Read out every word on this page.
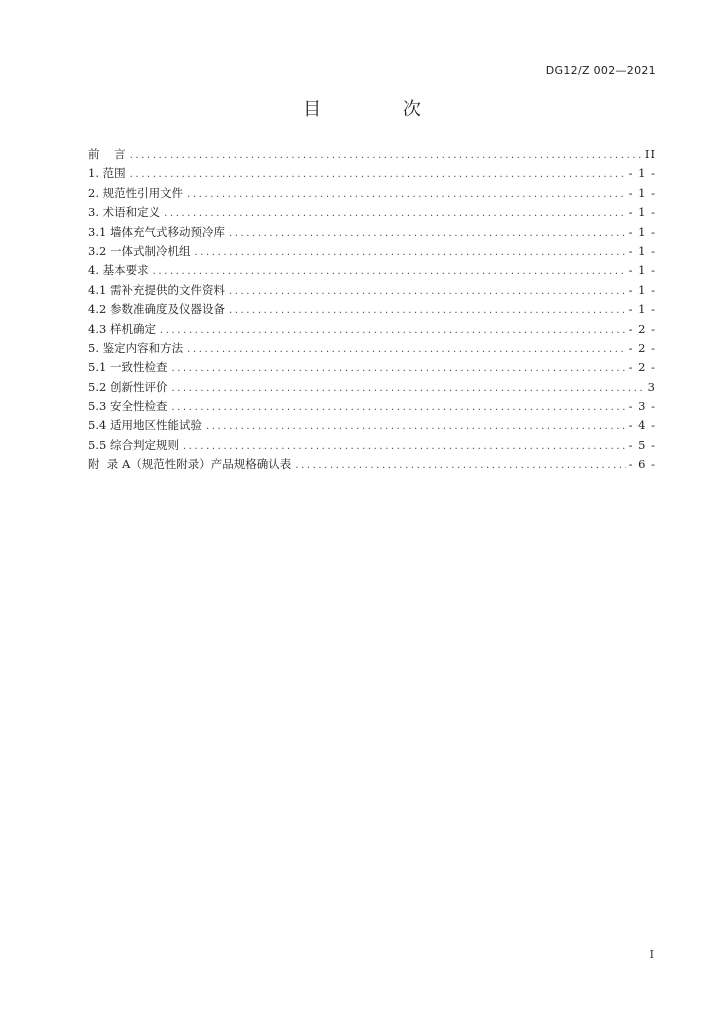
DG12/Z 002—2021
目 次
前    言 .....	II
1. 范围 .....	- 1 -
2. 规范性引用文件 .....	- 1 -
3. 术语和定义 .....	- 1 -
3.1 墙体充气式移动预冷库 .....	- 1 -
3.2 一体式制冷机组 .....	- 1 -
4. 基本要求 .....	- 1 -
4.1 需补充提供的文件资料 .....	- 1 -
4.2 参数准确度及仪器设备 .....	- 1 -
4.3 样机确定 .....	- 2 -
5. 鉴定内容和方法 .....	- 2 -
5.1 一致性检查 .....	- 2 -
5.2 创新性评价 .....	3
5.3 安全性检查 .....	- 3 -
5.4 适用地区性能试验 .....	- 4 -
5.5 综合判定规则 .....	- 5 -
附  录 A（规范性附录）产品规格确认表 .....	- 6 -
I
